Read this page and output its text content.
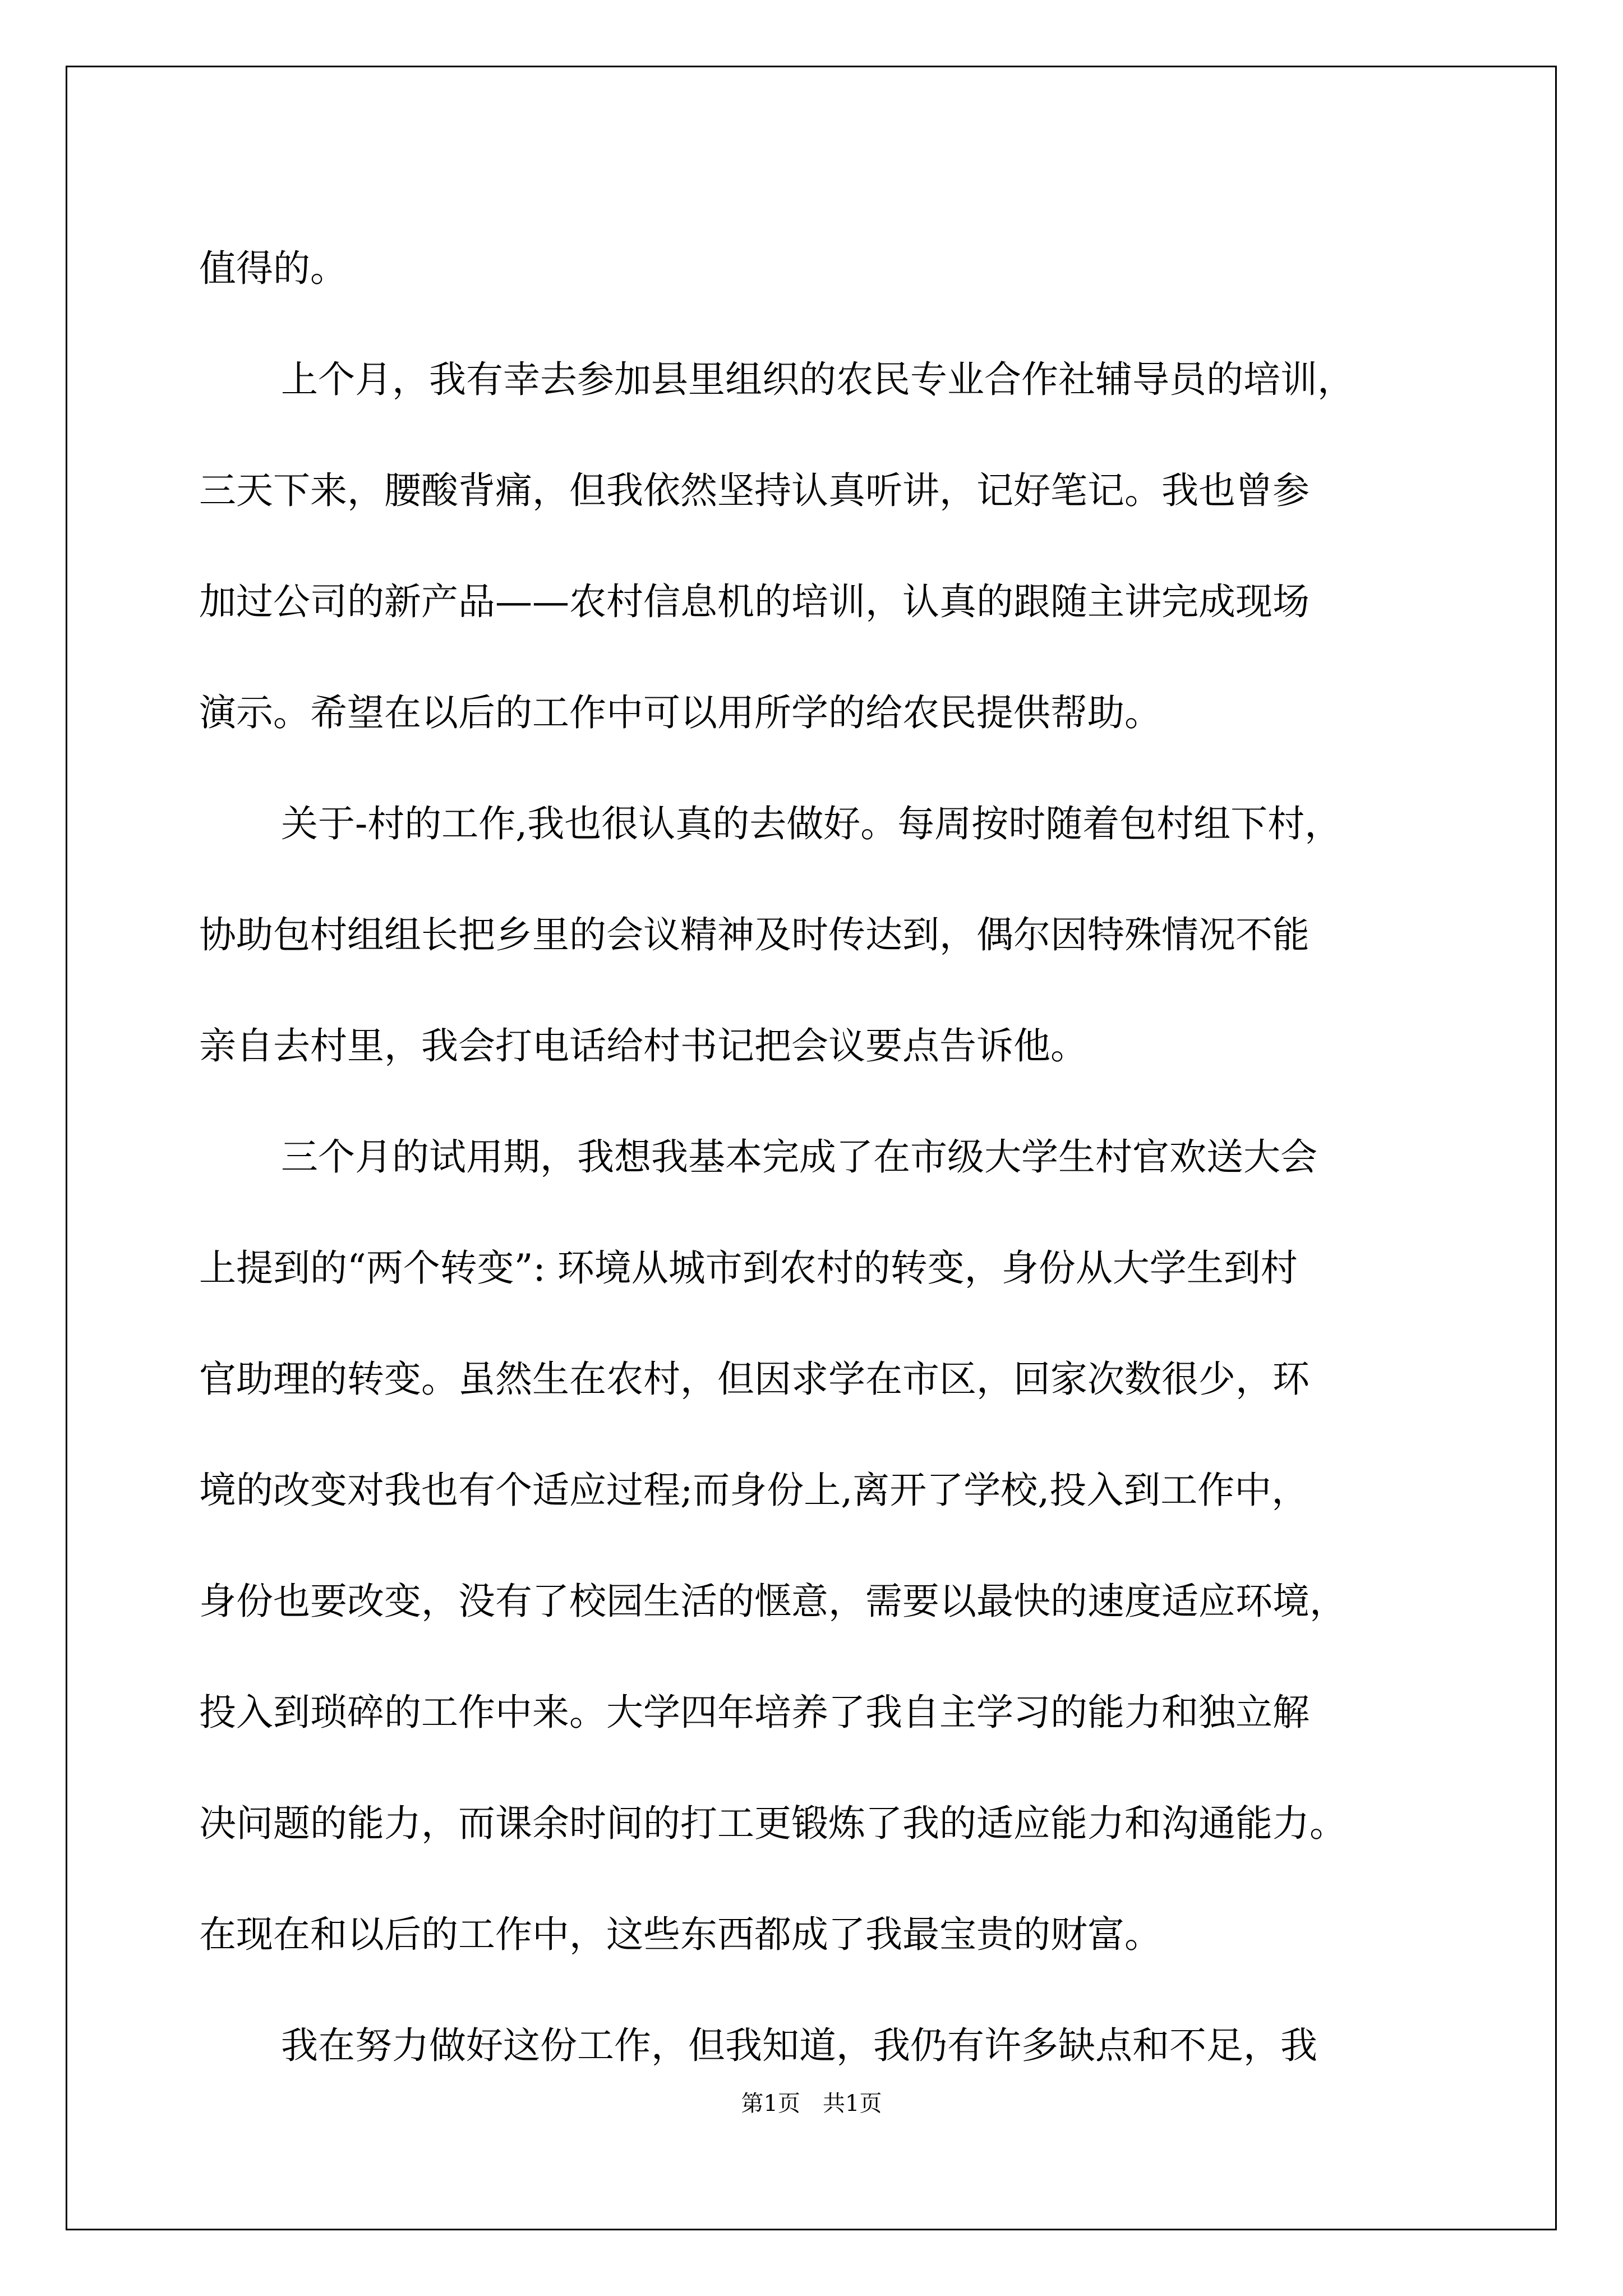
值得的。
上个月，我有幸去参加县里组织的农民专业合作社辅导员的培训，
三天下来，腰酸背痛，但我依然坚持认真听讲，记好笔记。我也曾参
加过公司的新产品——农村信息机的培训，认真的跟随主讲完成现场
演示。希望在以后的工作中可以用所学的给农民提供帮助。
关于-村的工作,我也很认真的去做好。每周按时随着包村组下村，
协助包村组组长把乡里的会议精神及时传达到，偶尔因特殊情况不能
亲自去村里，我会打电话给村书记把会议要点告诉他。
三个月的试用期，我想我基本完成了在市级大学生村官欢送大会
上提到的“两个转变”: 环境从城市到农村的转变，身份从大学生到村
官助理的转变。虽然生在农村，但因求学在市区，回家次数很少，环
境的改变对我也有个适应过程;而身份上,离开了学校,投入到工作中，
身份也要改变，没有了校园生活的惬意，需要以最快的速度适应环境，
投入到琐碎的工作中来。大学四年培养了我自主学习的能力和独立解
决问题的能力，而课余时间的打工更锻炼了我的适应能力和沟通能力。
在现在和以后的工作中，这些东西都成了我最宝贵的财富。
我在努力做好这份工作，但我知道，我仍有许多缺点和不足，我
第1页　共1页
